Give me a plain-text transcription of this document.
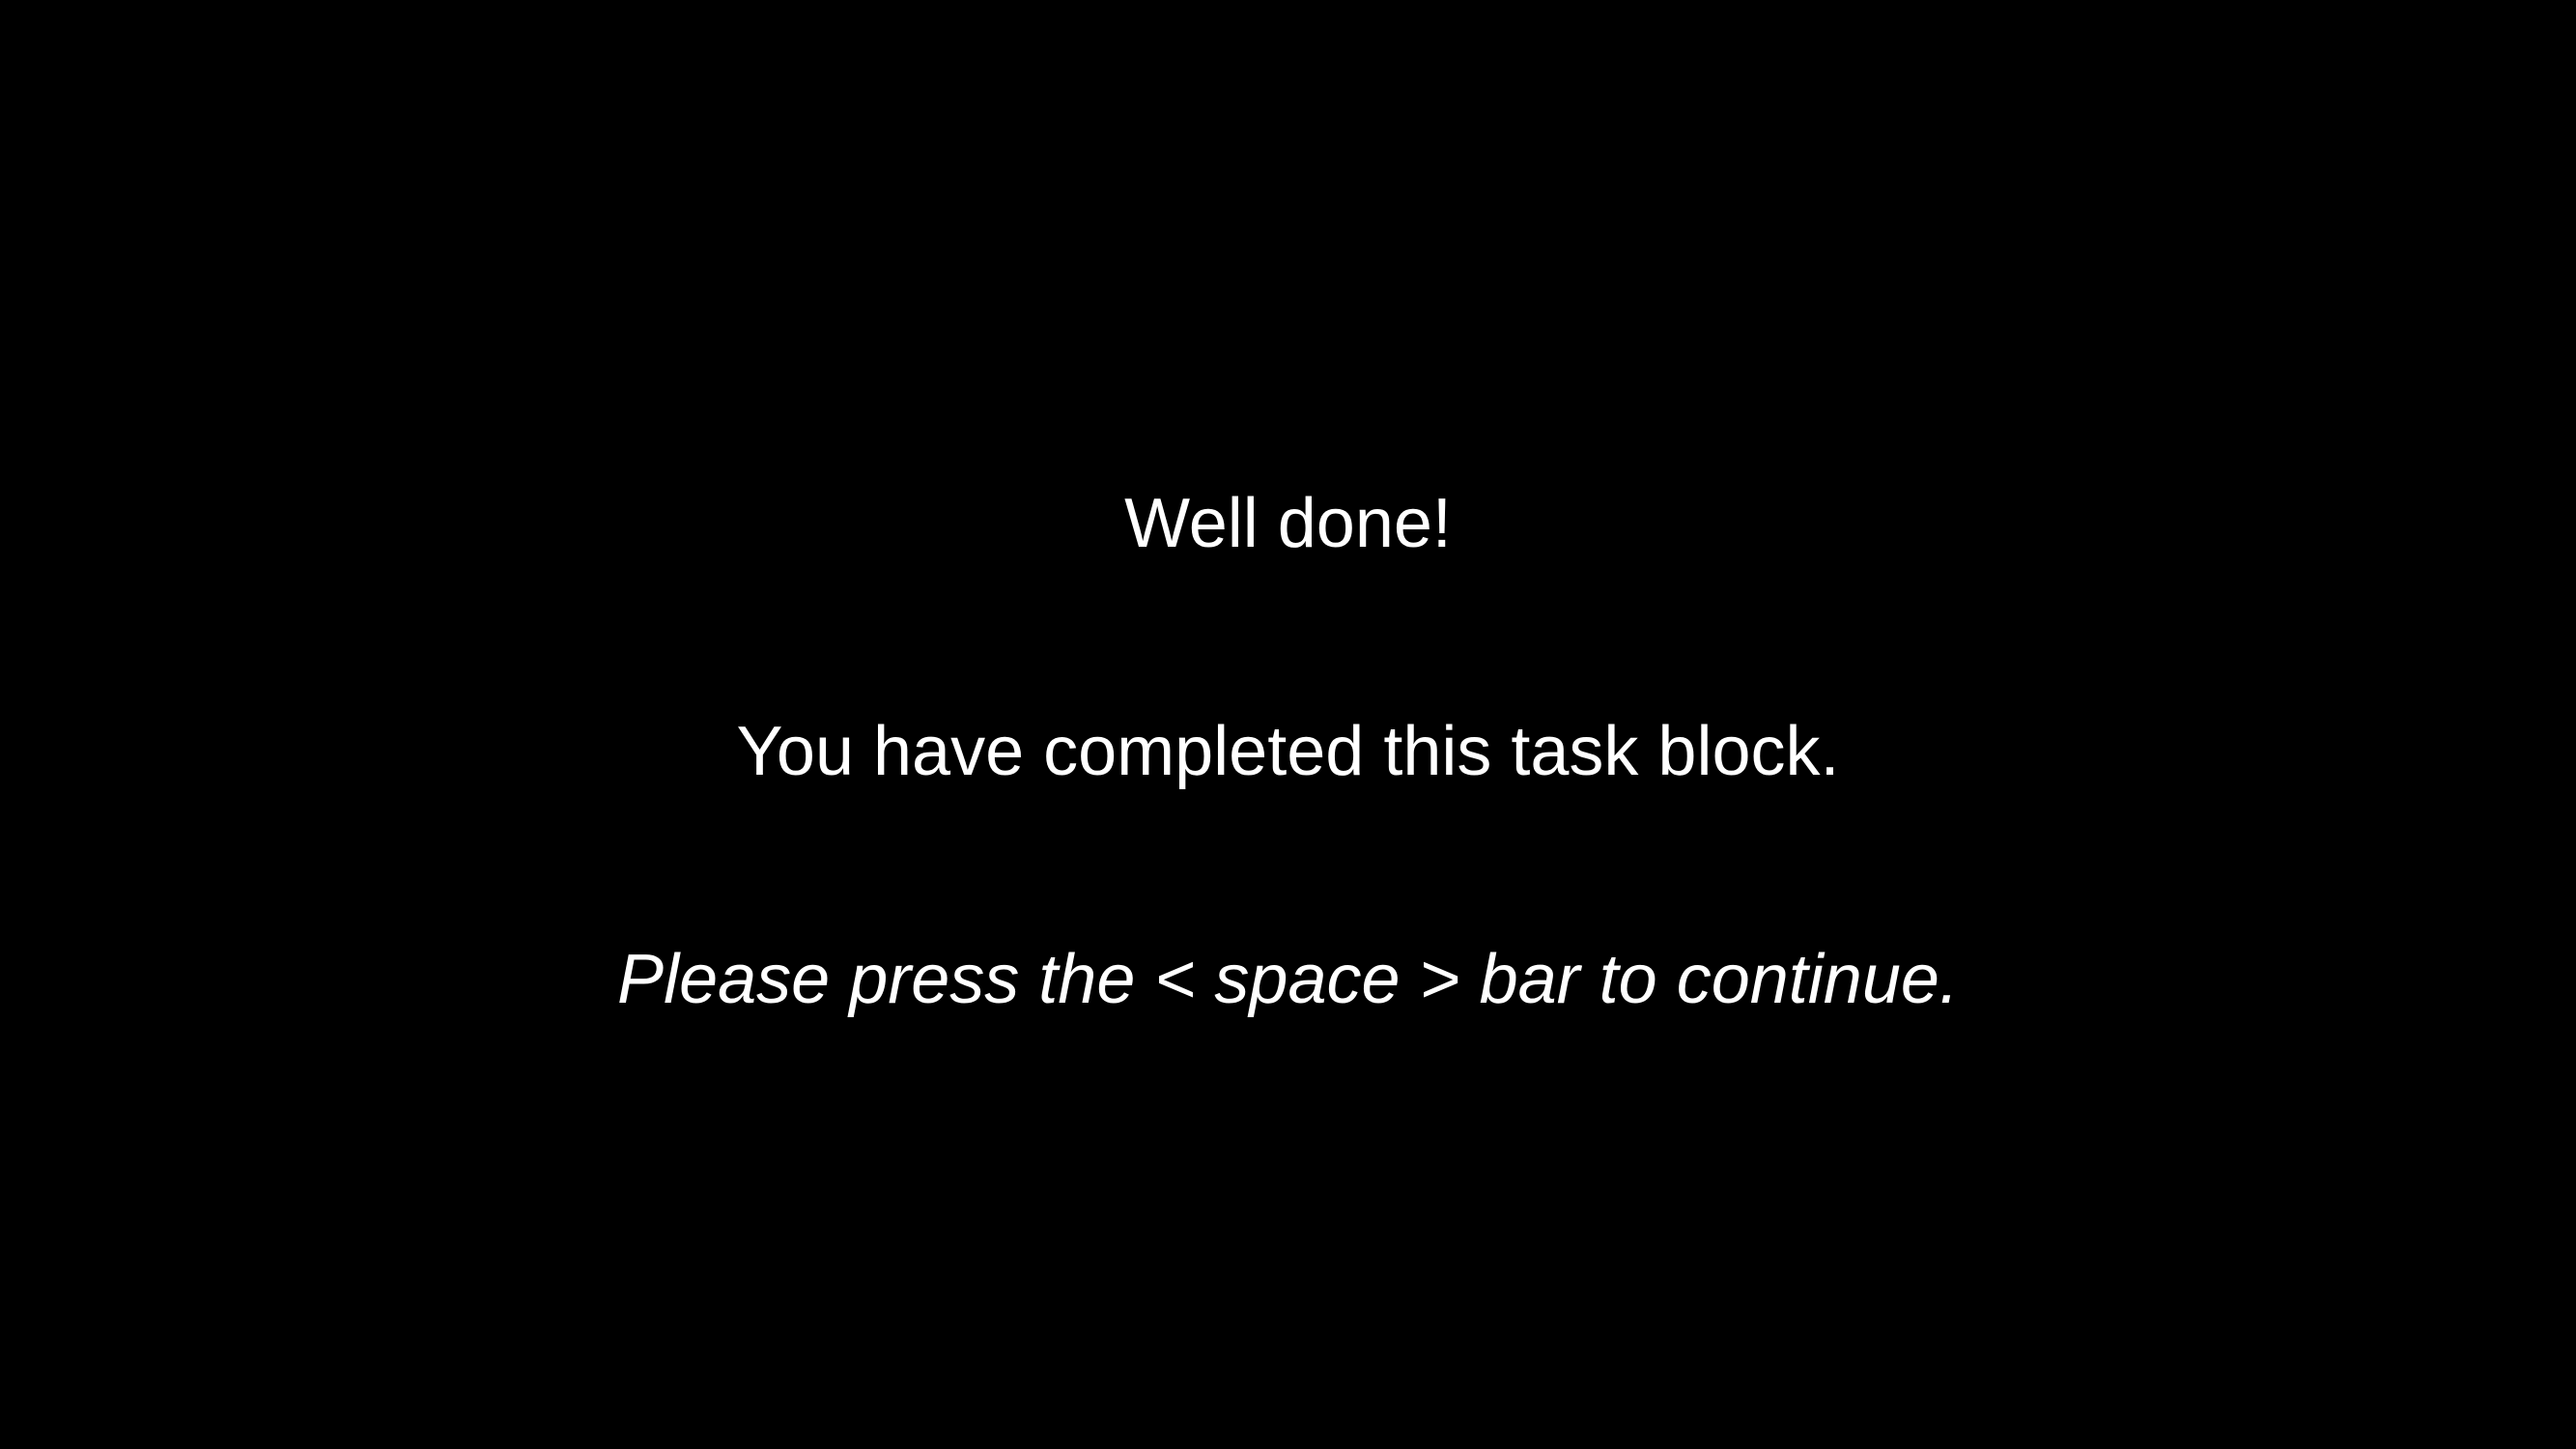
Well done!
You have completed this task block.
Please press the < space > bar to continue.
